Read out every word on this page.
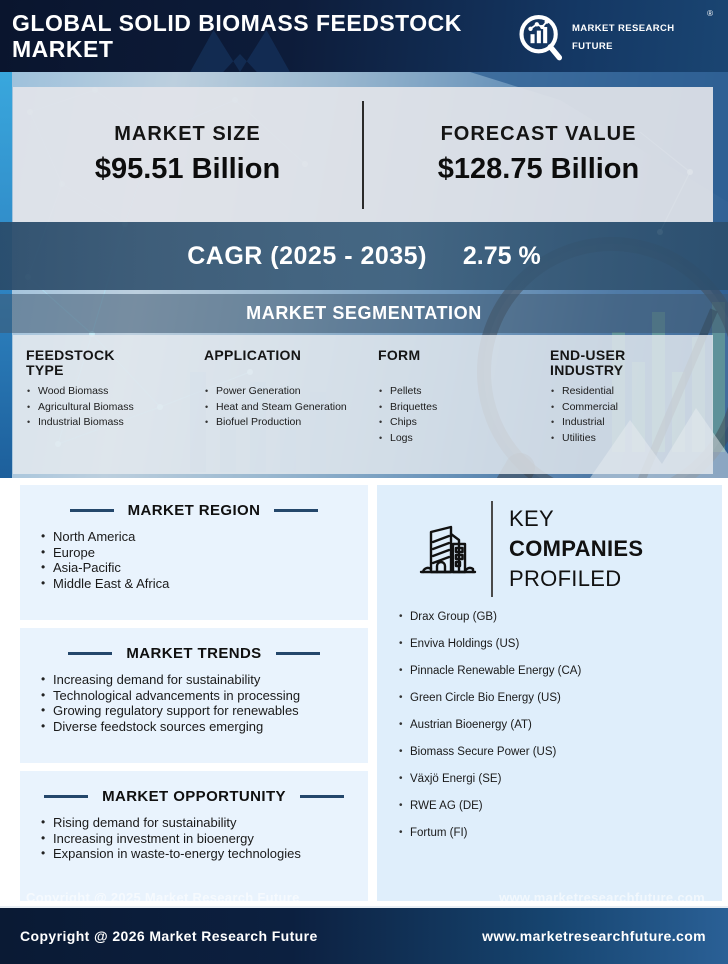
GLOBAL SOLID BIOMASS FEEDSTOCK MARKET
MARKET RESEARCH FUTURE
®
MARKET SIZE
$95.51 Billion
FORECAST VALUE
$128.75 Billion
CAGR (2025 - 2035) 2.75 %
MARKET SEGMENTATION
FEEDSTOCK TYPE
• Wood Biomass
• Agricultural Biomass
• Industrial Biomass
APPLICATION
• Power Generation
• Heat and Steam Generation
• Biofuel Production
FORM
• Pellets
• Briquettes
• Chips
• Logs
END-USER INDUSTRY
• Residential
• Commercial
• Industrial
• Utilities
MARKET REGION
• North America
• Europe
• Asia-Pacific
• Middle East & Africa
MARKET TRENDS
• Increasing demand for sustainability
• Technological advancements in processing
• Growing regulatory support for renewables
• Diverse feedstock sources emerging
MARKET OPPORTUNITY
• Rising demand for sustainability
• Increasing investment in bioenergy
• Expansion in waste-to-energy technologies
KEY
COMPANIES
PROFILED
• Drax Group (GB)
• Enviva Holdings (US)
• Pinnacle Renewable Energy (CA)
• Green Circle Bio Energy (US)
• Austrian Bioenergy (AT)
• Biomass Secure Power (US)
• Växjö Energi (SE)
• RWE AG (DE)
• Fortum (FI)
Copyright @ 2025 Market Research Future	www.marketresearchfuture.com
Copyright @ 2026 Market Research Future	www.marketresearchfuture.com
